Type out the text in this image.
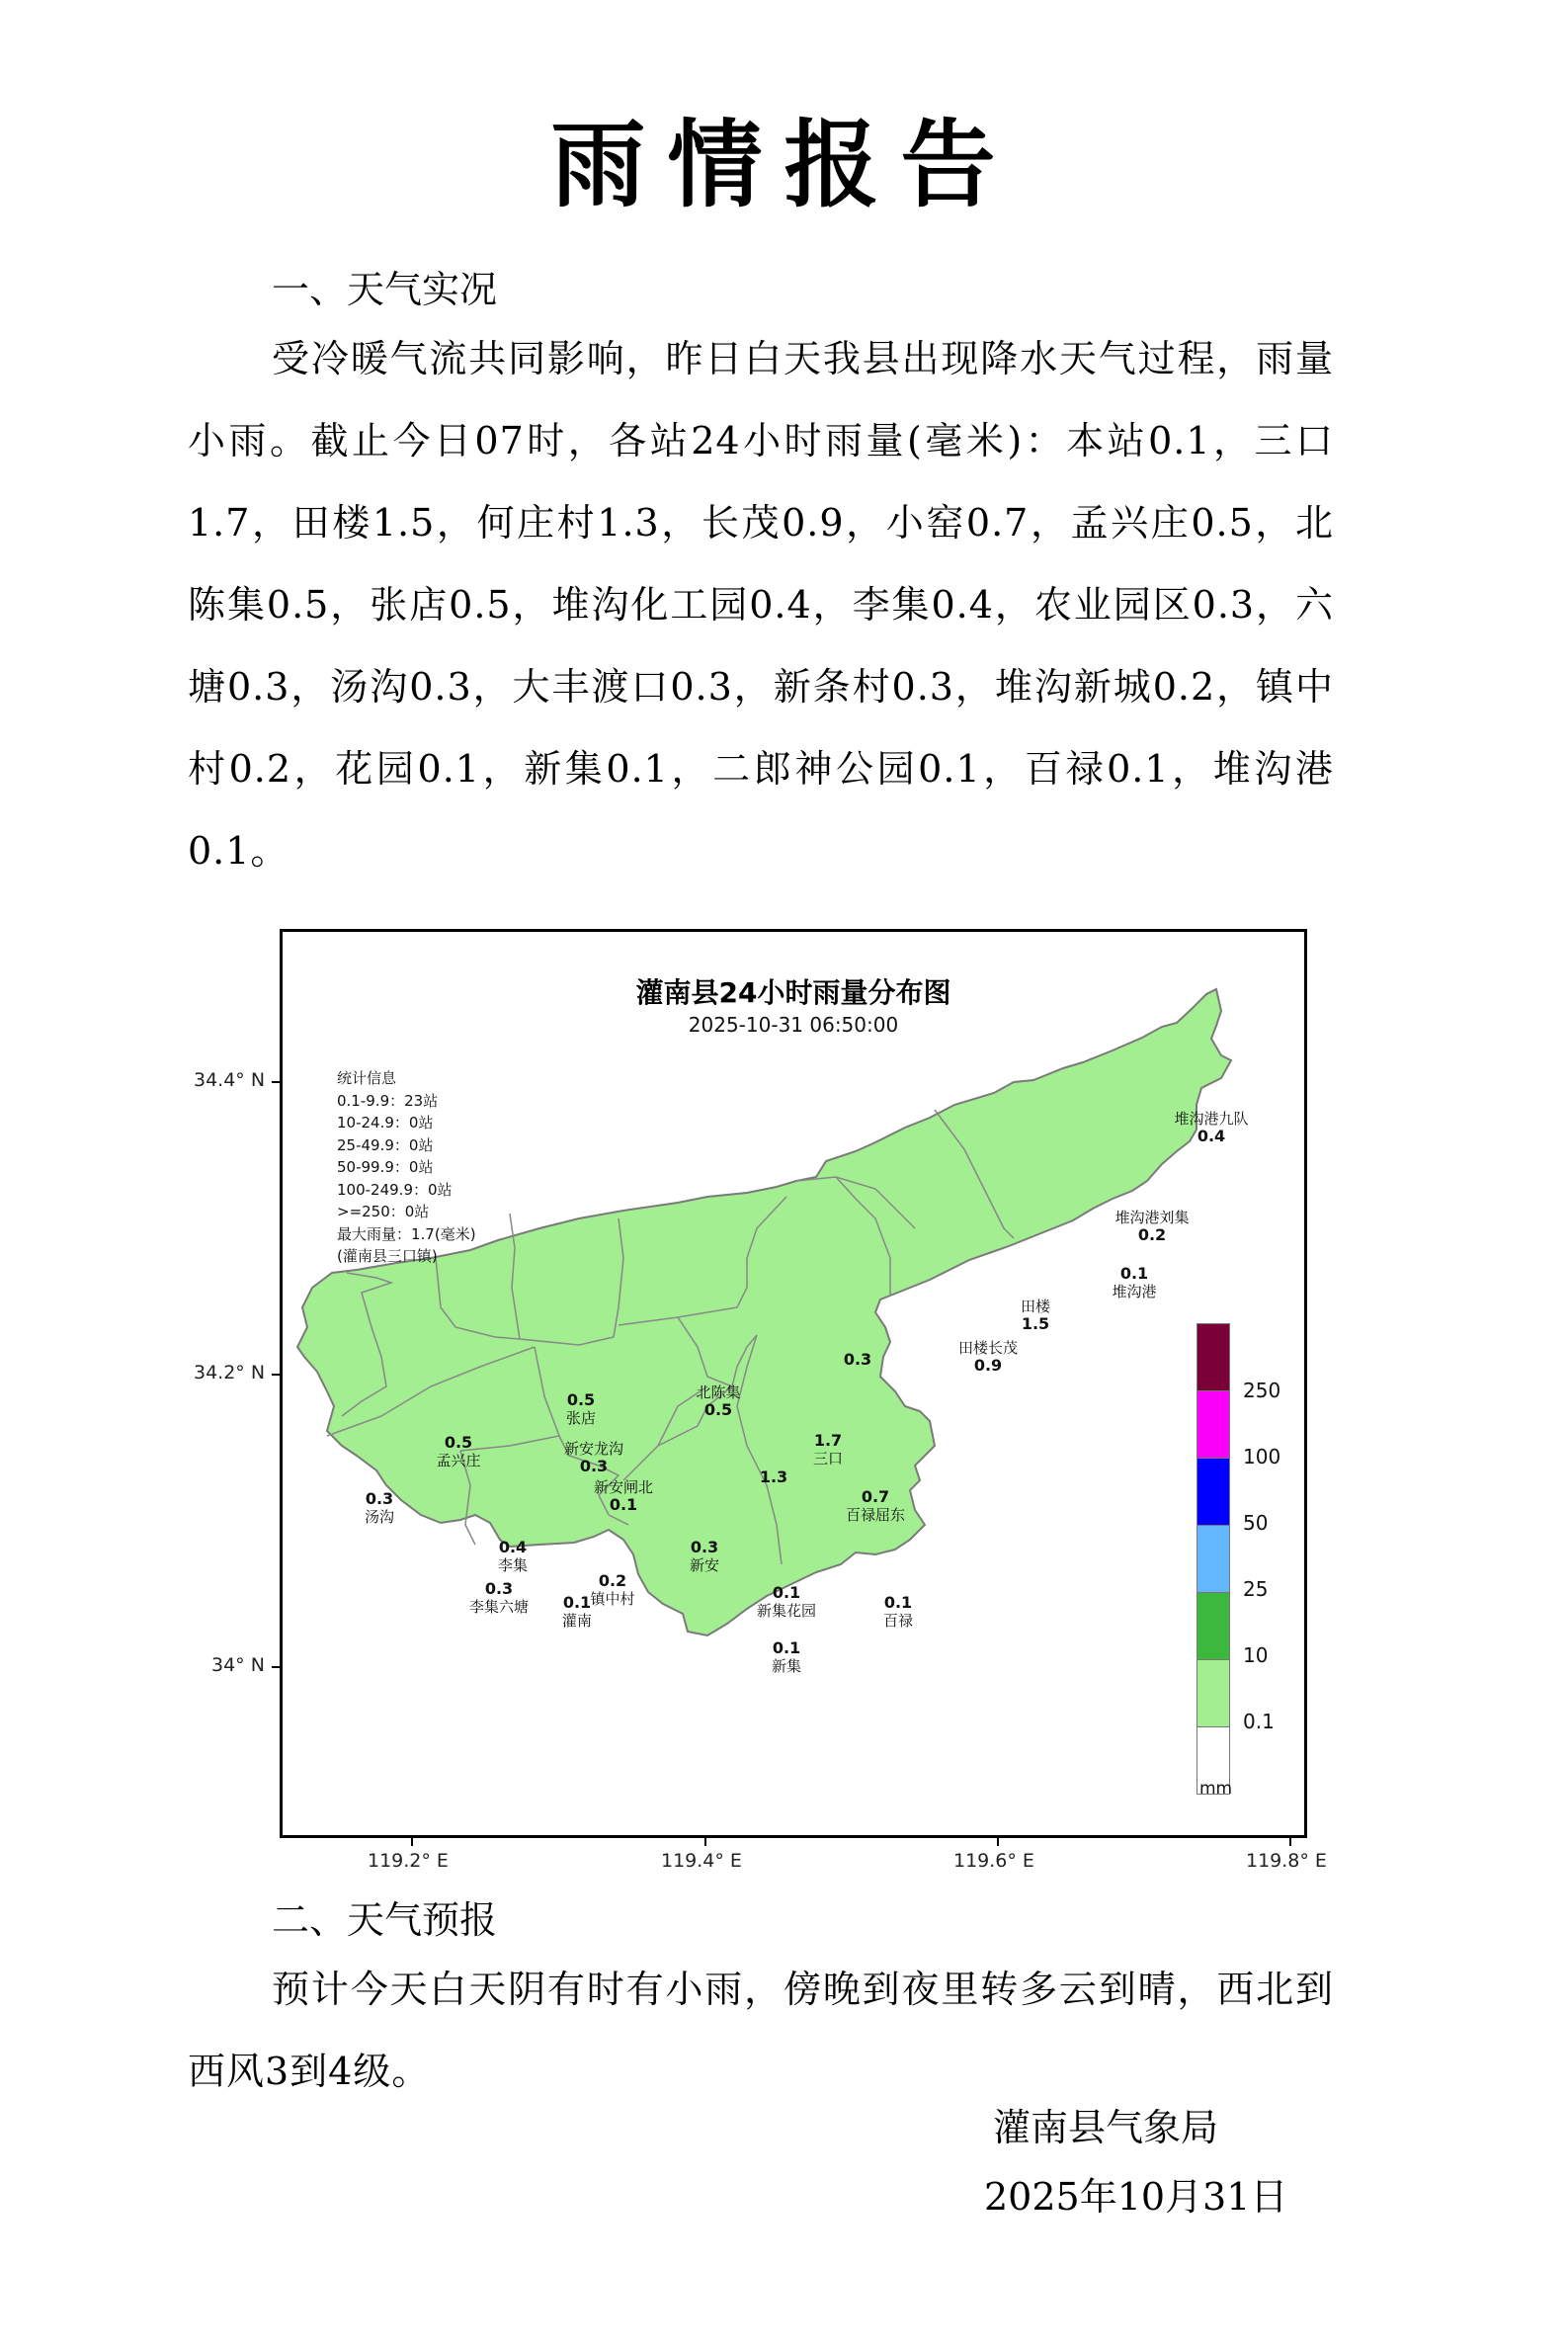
雨情报告
一、天气实况
受冷暖气流共同影响，昨日白天我县出现降水天气过程，雨量小雨。截止今日07时，各站24小时雨量(毫米)：本站0.1，三口1.7，田楼1.5，何庄村1.3，长茂0.9，小窑0.7，孟兴庄0.5，北陈集0.5，张店0.5，堆沟化工园0.4，李集0.4，农业园区0.3，六塘0.3，汤沟0.3，大丰渡口0.3，新条村0.3，堆沟新城0.2，镇中村0.2，花园0.1，新集0.1，二郎神公园0.1，百禄0.1，堆沟港0.1。
灌南县24小时雨量分布图
2025-10-31 06:50:00
统计信息
0.1-9.9：23站
10-24.9：0站
25-49.9：0站
50-99.9：0站
100-249.9：0站
>=250：0站
最大雨量：1.7(毫米)
(灌南县三口镇)
堆沟港九队
0.4
堆沟港刘集
0.2
0.1
堆沟港
田楼
1.5
田楼长茂
0.9
0.3
北陈集
0.5
0.5
张店
0.5
孟兴庄
新安龙沟
0.3
1.7
三口
1.3
新安闸北
0.1
0.3
汤沟
0.7
百禄屈东
0.4
李集
0.3
新安
0.3
李集六塘
0.2
镇中村
0.1
灌南
0.1
新集花园	0.1
百禄
0.1
新集
250
100
50
25
10
0.1
mm
34.4° N
34.2° N
34° N
119.2° E	119.4° E	119.6° E	119.8° E
二、天气预报
预计今天白天阴有时有小雨，傍晚到夜里转多云到晴，西北到西风3到4级。
灌南县气象局
2025年10月31日
